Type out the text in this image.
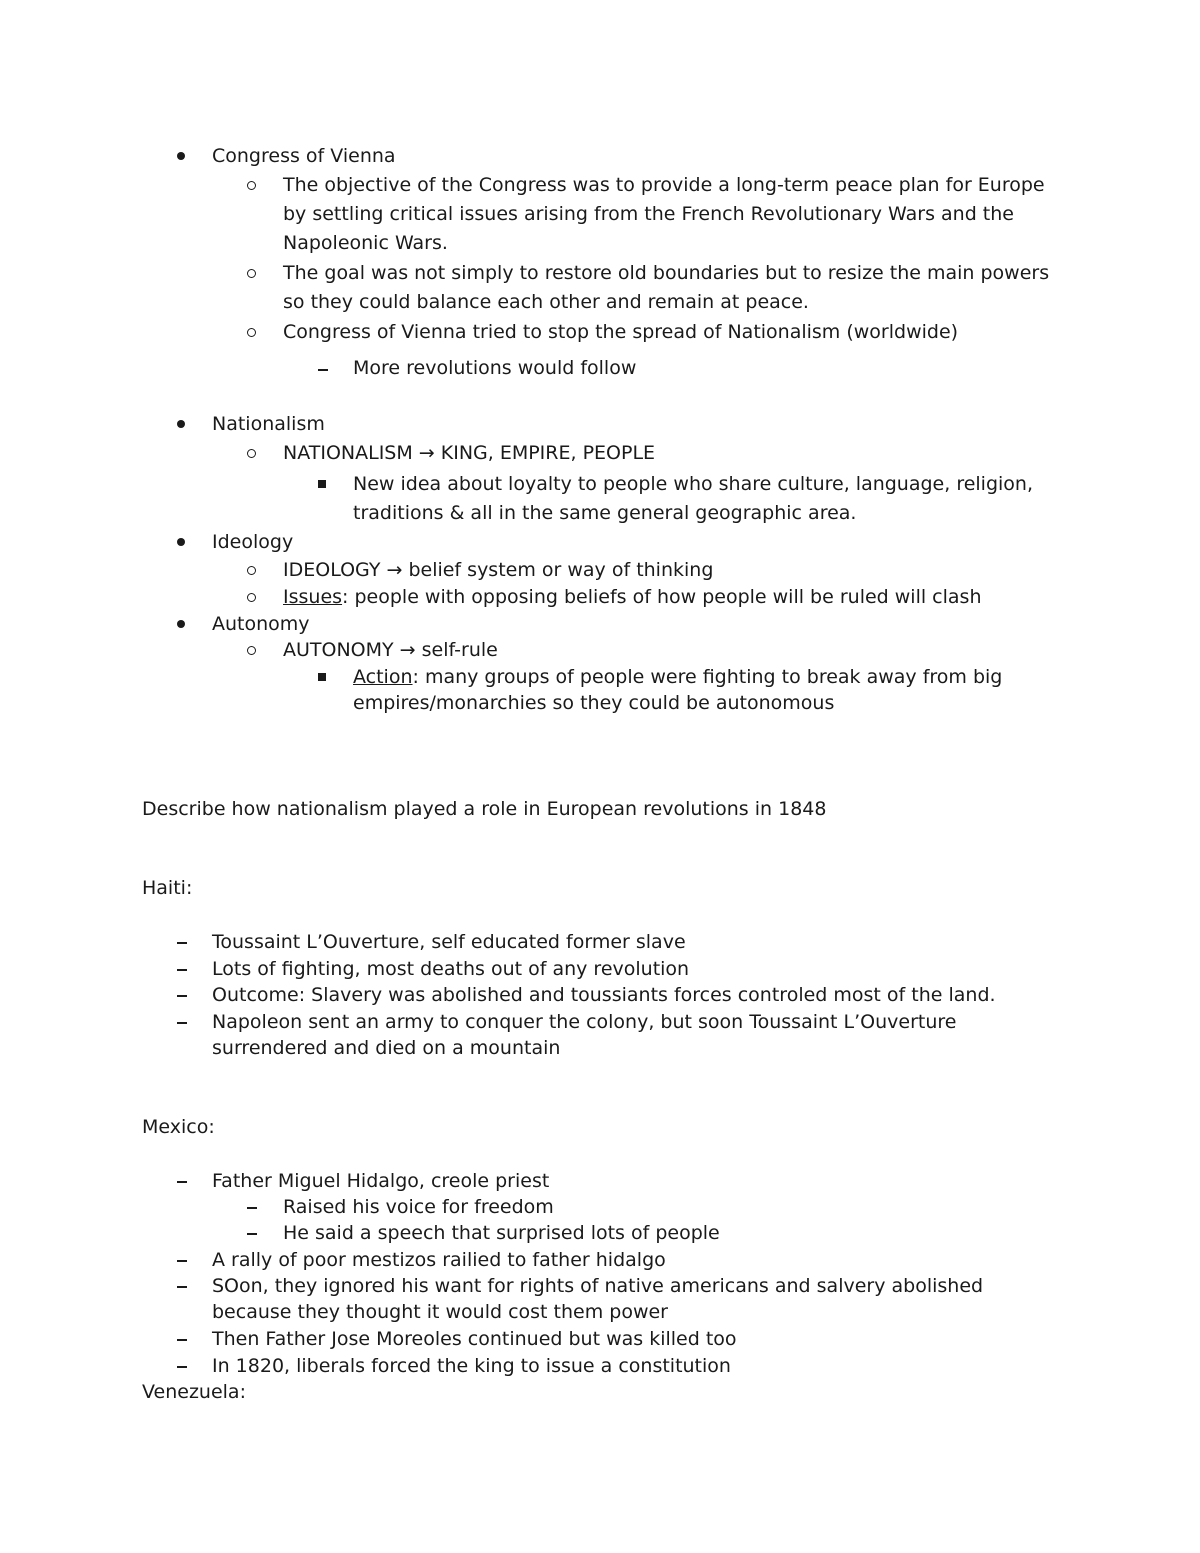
Congress of Vienna
The objective of the Congress was to provide a long-term peace plan for Europe
by settling critical issues arising from the French Revolutionary Wars and the
Napoleonic Wars.
The goal was not simply to restore old boundaries but to resize the main powers
so they could balance each other and remain at peace.
Congress of Vienna tried to stop the spread of Nationalism (worldwide)
More revolutions would follow
Nationalism
NATIONALISM → KING, EMPIRE, PEOPLE
New idea about loyalty to people who share culture, language, religion,
traditions & all in the same general geographic area.
Ideology
IDEOLOGY → belief system or way of thinking
Issues: people with opposing beliefs of how people will be ruled will clash
Autonomy
AUTONOMY → self-rule
Action: many groups of people were fighting to break away from big
empires/monarchies so they could be autonomous
Describe how nationalism played a role in European revolutions in 1848
Haiti:
Toussaint L’Ouverture, self educated former slave
Lots of fighting, most deaths out of any revolution
Outcome: Slavery was abolished and toussiants forces controled most of the land.
Napoleon sent an army to conquer the colony, but soon Toussaint L’Ouverture
surrendered and died on a mountain
Mexico:
Father Miguel Hidalgo, creole priest
Raised his voice for freedom
He said a speech that surprised lots of people
A rally of poor mestizos railied to father hidalgo
SOon, they ignored his want for rights of native americans and salvery abolished
because they thought it would cost them power
Then Father Jose Moreoles continued but was killed too
In 1820, liberals forced the king to issue a constitution
Venezuela:
